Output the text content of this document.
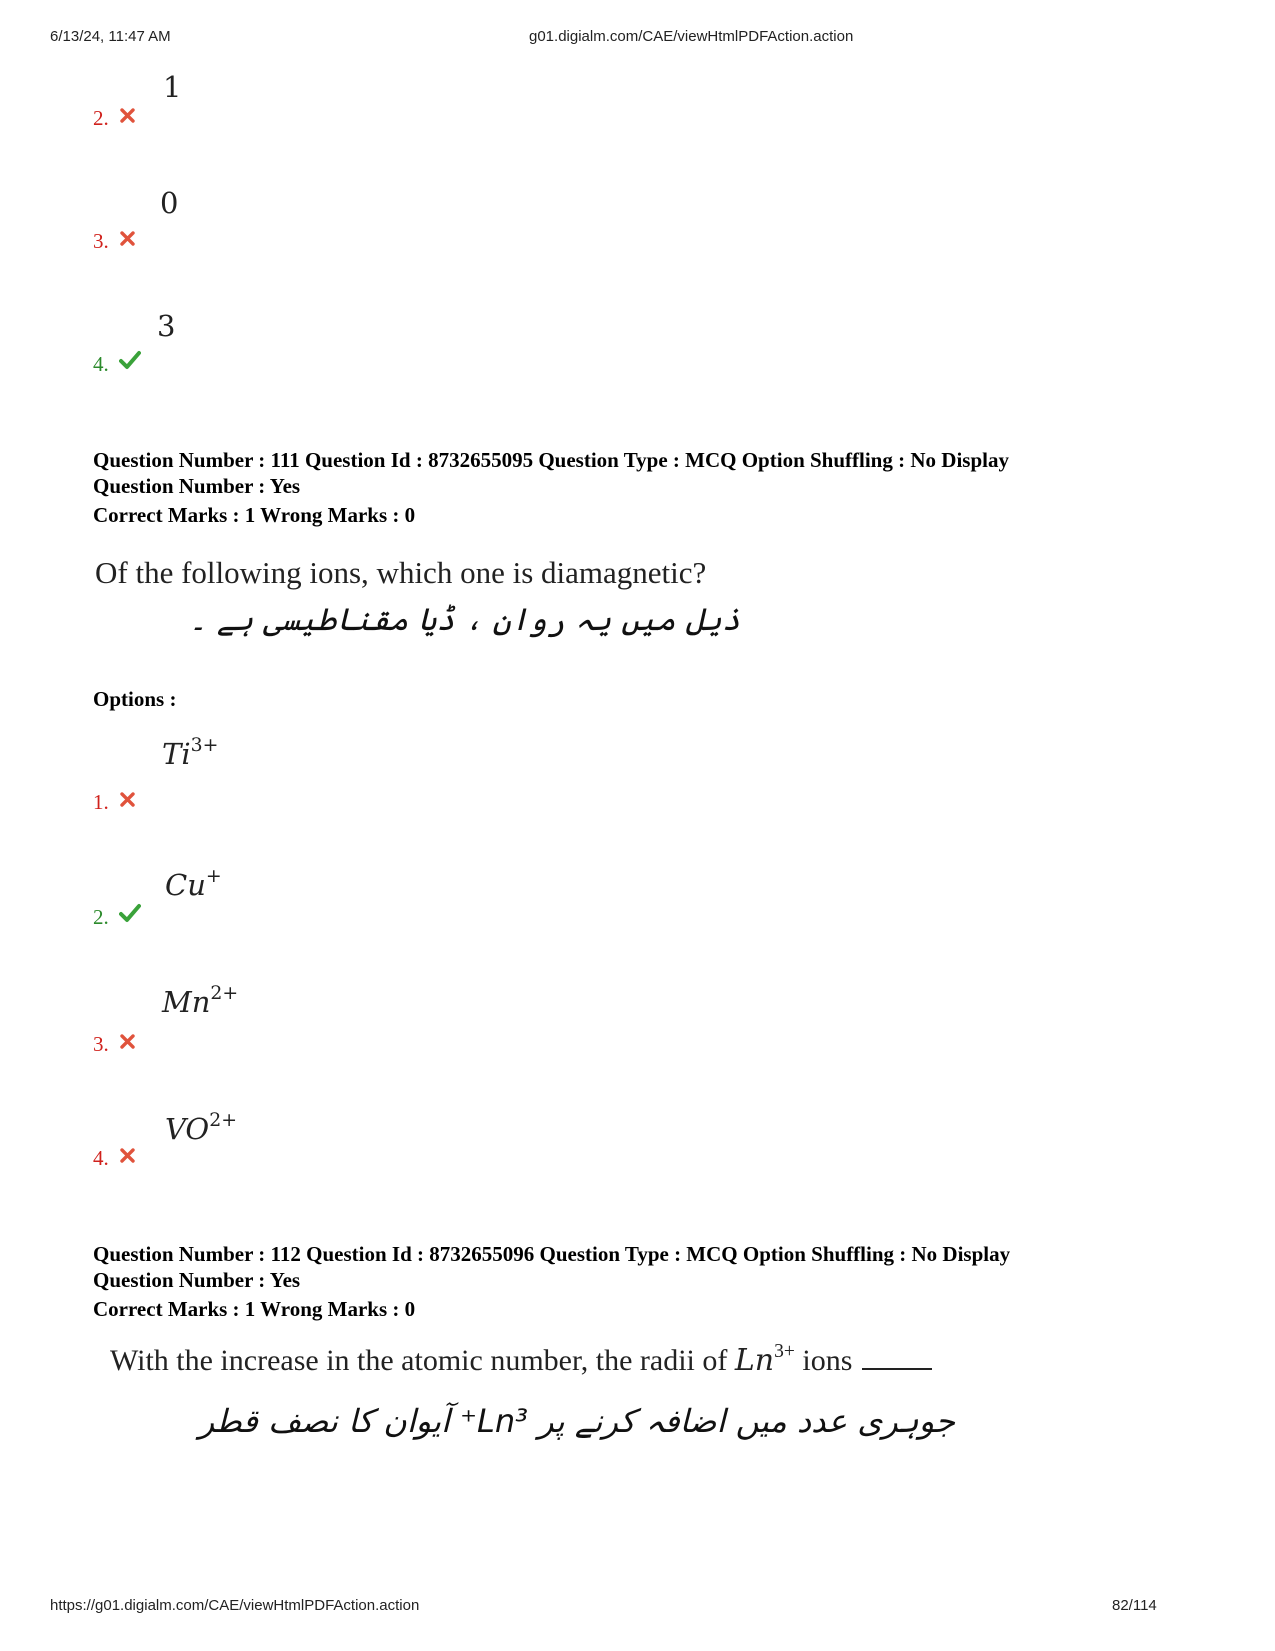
6/13/24, 11:47 AM	g01.digialm.com/CAE/viewHtmlPDFAction.action
1
2.
0
3.
3
4.
Question Number : 111 Question Id : 8732655095 Question Type : MCQ Option Shuffling : No Display
Question Number : Yes
Correct Marks : 1 Wrong Marks : 0
Of the following ions, which one is diamagnetic?
ذیل میں یہ روان ، ڈیا مقناطیسی ہے ۔
Options :
$Ti^{3+}$
1.
Cu+
2.
$Mn^{2+}$
3.
$VO^{2+}$
4.
Question Number : 112 Question Id : 8732655096 Question Type : MCQ Option Shuffling : No Display
Question Number : Yes
Correct Marks : 1 Wrong Marks : 0
With the increase in the atomic number, the radii of $Ln^{3+}$ ions
جوہری عدد میں اضافہ کرنے پر Ln³⁺ آیوان کا نصف قطر
https://g01.digialm.com/CAE/viewHtmlPDFAction.action	82/114
